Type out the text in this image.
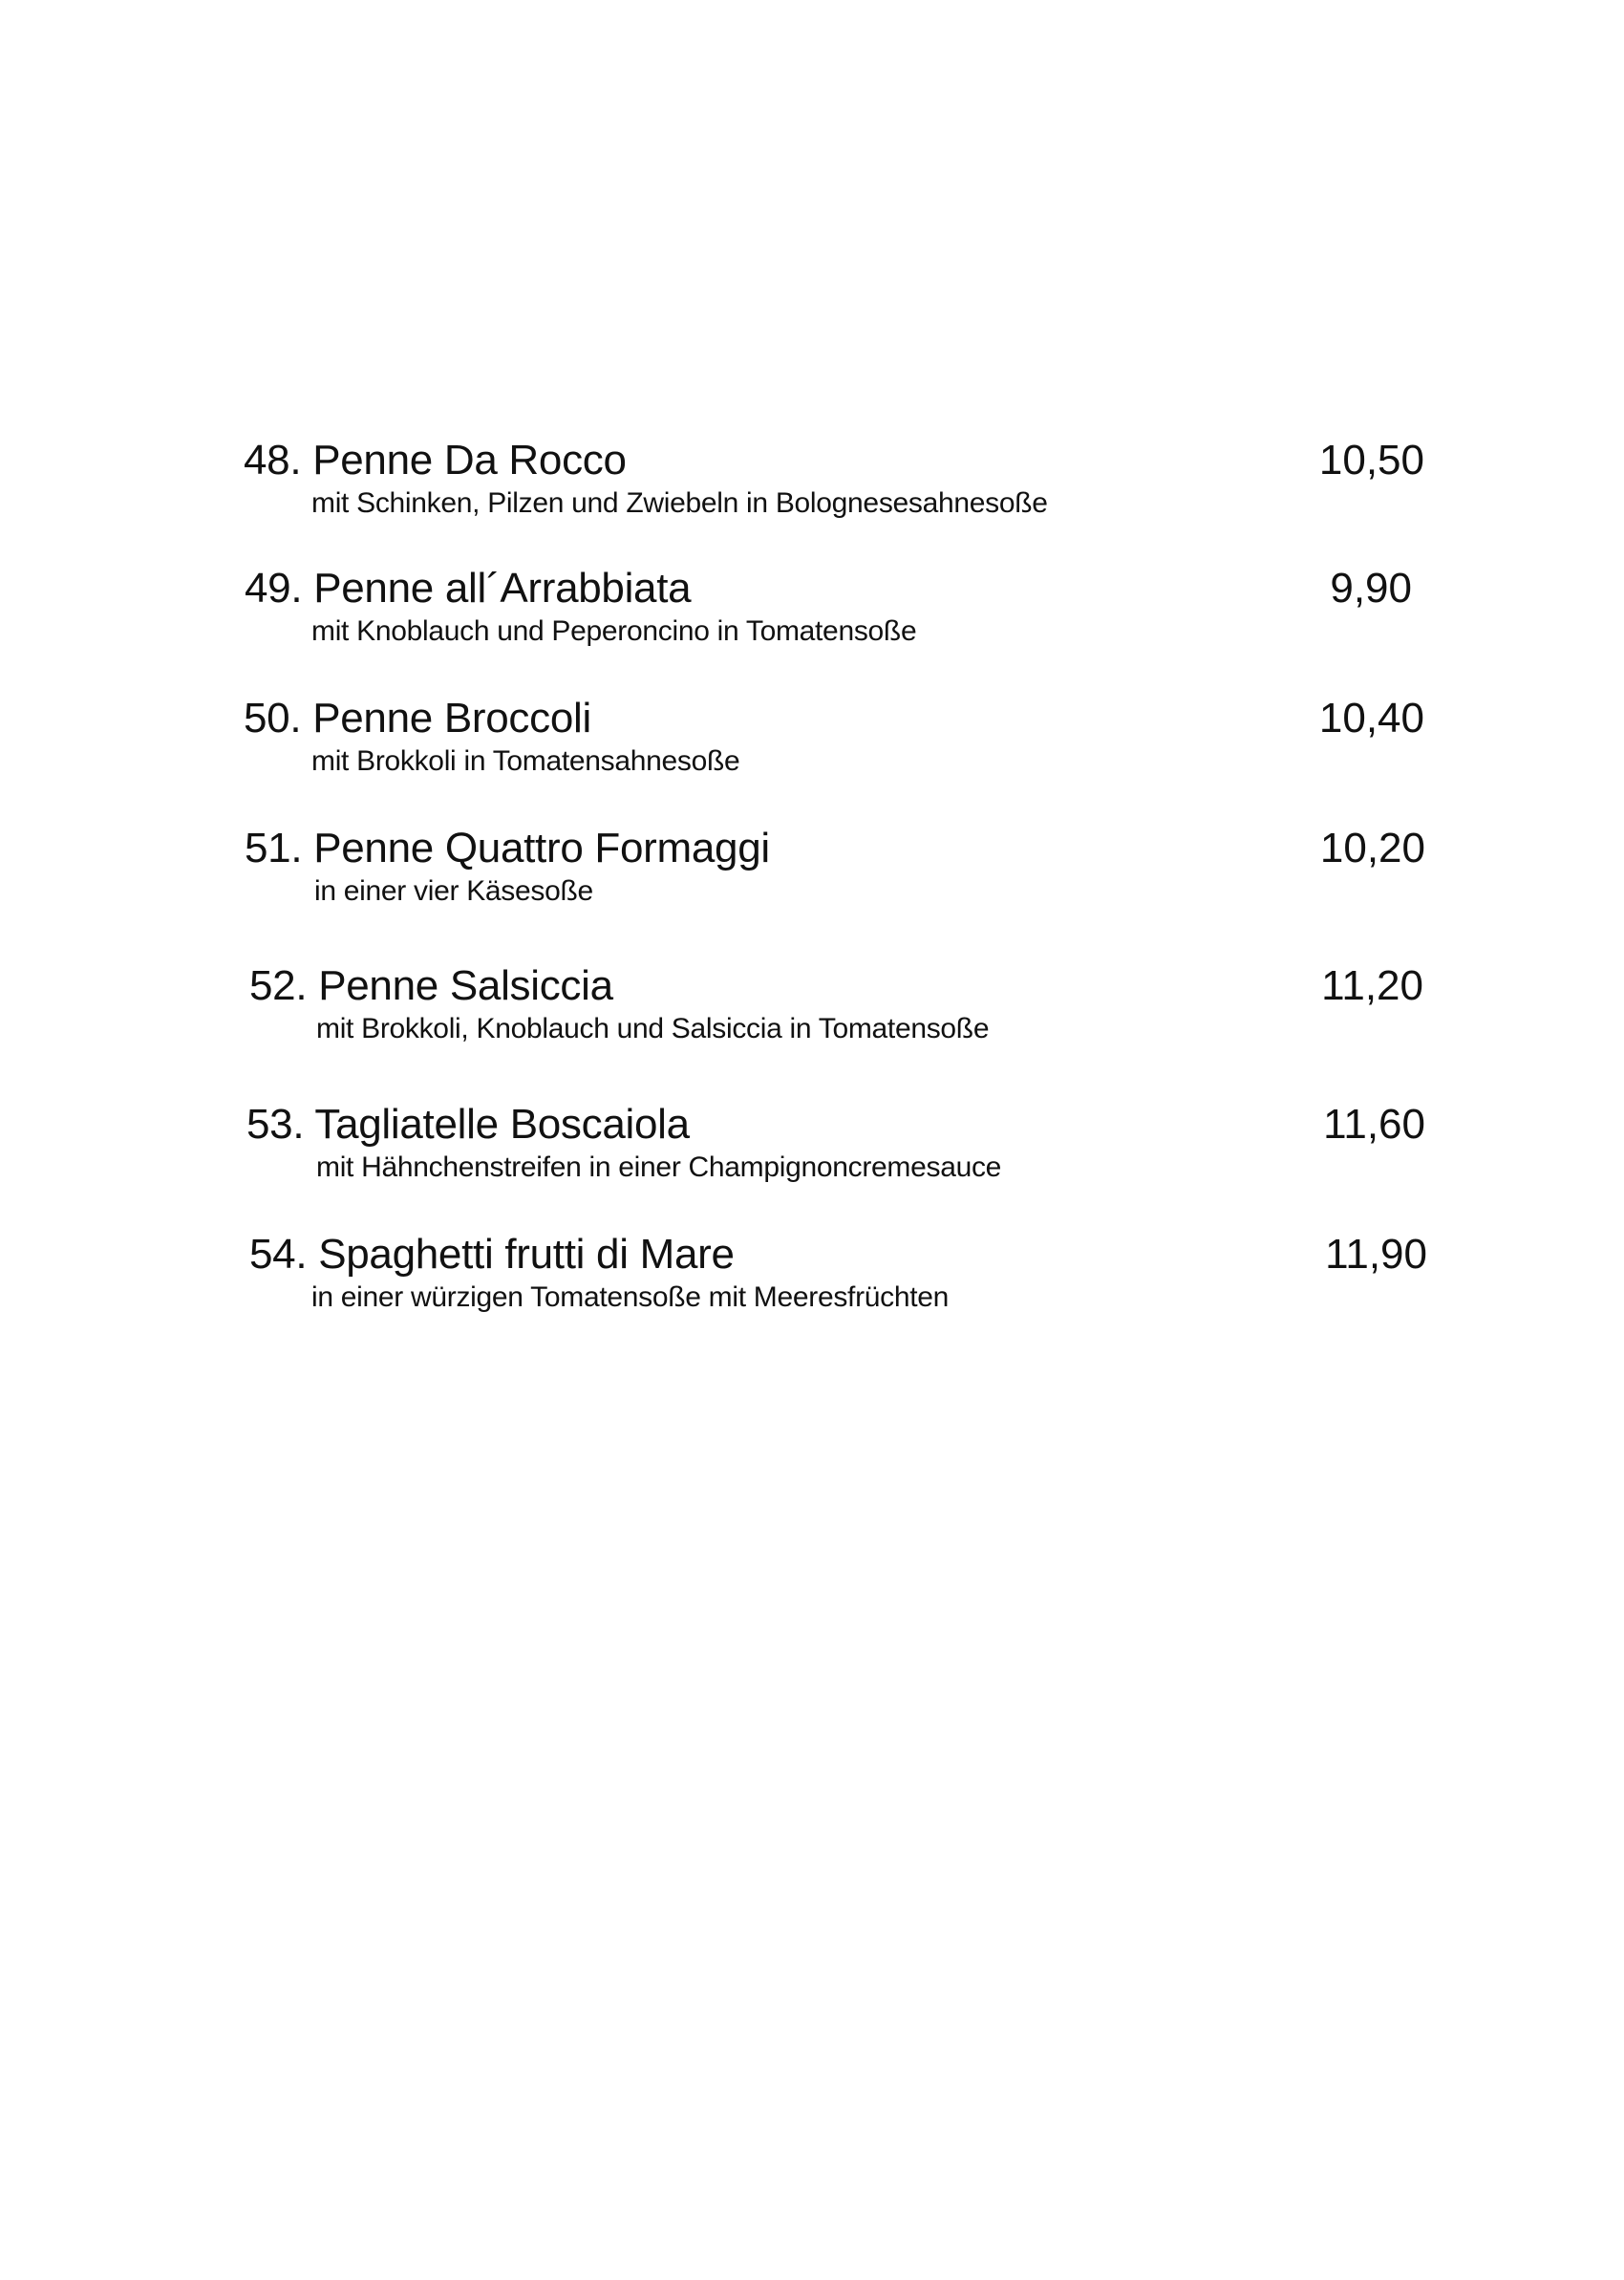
48. Penne Da Rocco
mit Schinken, Pilzen und Zwiebeln in Bolognesesahnesoße
10,50
49. Penne all´Arrabbiata
mit Knoblauch und Peperoncino in Tomatensoße
9,90
50. Penne Broccoli
mit Brokkoli in Tomatensahnesoße
10,40
51. Penne Quattro Formaggi
in einer vier Käsesoße
10,20
52. Penne Salsiccia
mit Brokkoli, Knoblauch und Salsiccia in Tomatensoße
11,20
53. Tagliatelle Boscaiola
mit Hähnchenstreifen in einer Champignoncremesauce
11,60
54. Spaghetti frutti di Mare
in einer würzigen Tomatensoße mit Meeresfrüchten
11,90
